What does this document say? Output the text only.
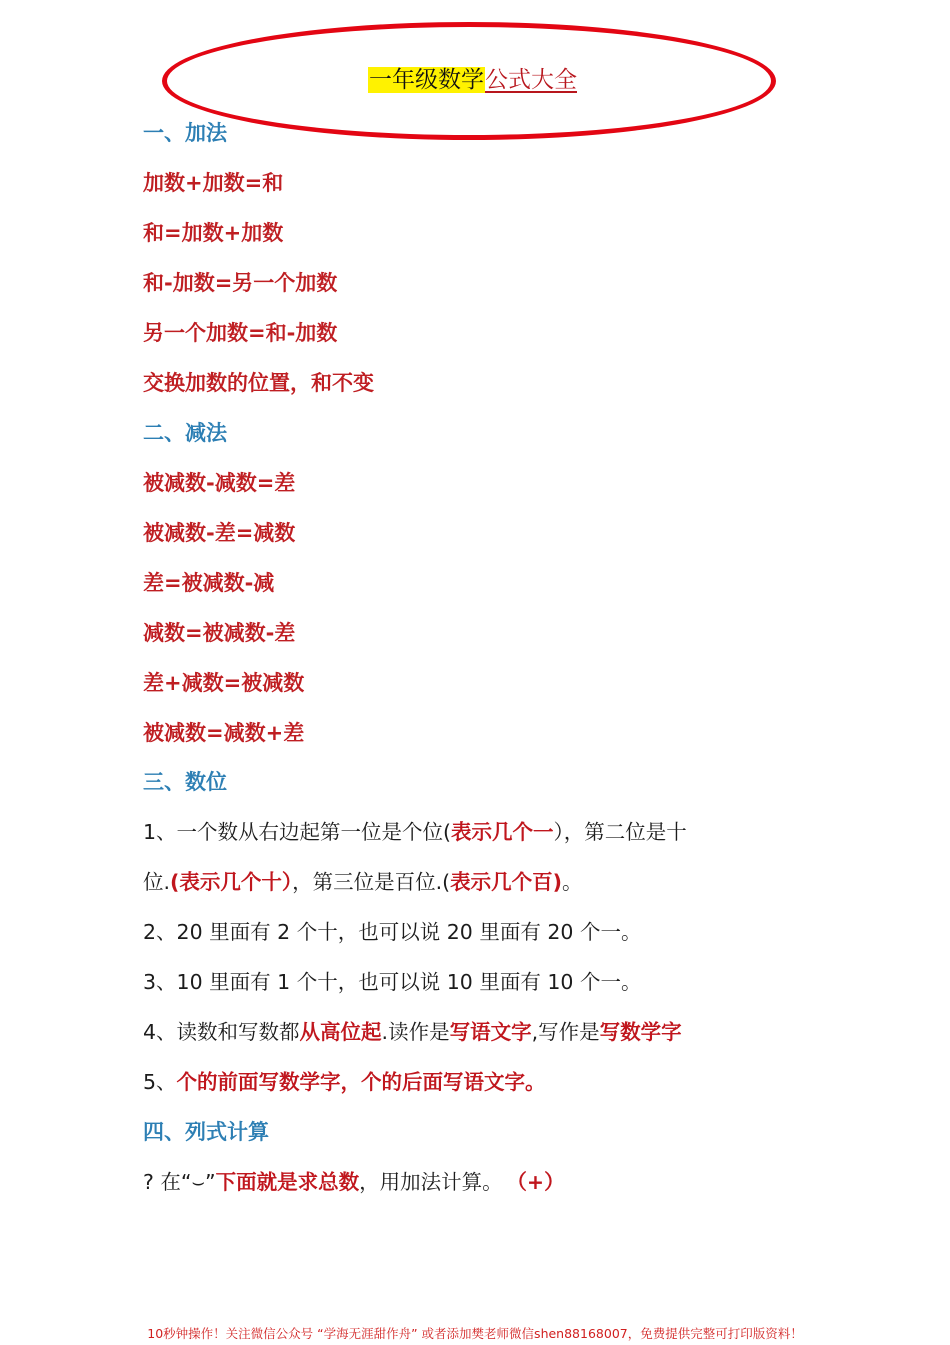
一年级数学公式大全
一、加法
加数+加数=和
和=加数+加数
和-加数=另一个加数
另一个加数=和-加数
交换加数的位置，和不变
二、减法
被减数-减数=差
被减数-差=减数
差=被减数-减
减数=被减数-差
差+减数=被减数
被减数=减数+差
三、数位
1、一个数从右边起第一位是个位(表示几个一），第二位是十
位.(表示几个十），第三位是百位.(表示几个百)。
2、20 里面有 2 个十，也可以说 20 里面有 20 个一。
3、10 里面有 1 个十，也可以说 10 里面有 10 个一。
4、读数和写数都从高位起.读作是写语文字,写作是写数学字
5、个的前面写数学字，个的后面写语文字。
四、列式计算
? 在“⌣”下面就是求总数，用加法计算。 （+）
10秒钟操作！关注微信公众号 “学海无涯甜作舟” 或者添加樊老师微信shen88168007，免费提供完整可打印版资料！
